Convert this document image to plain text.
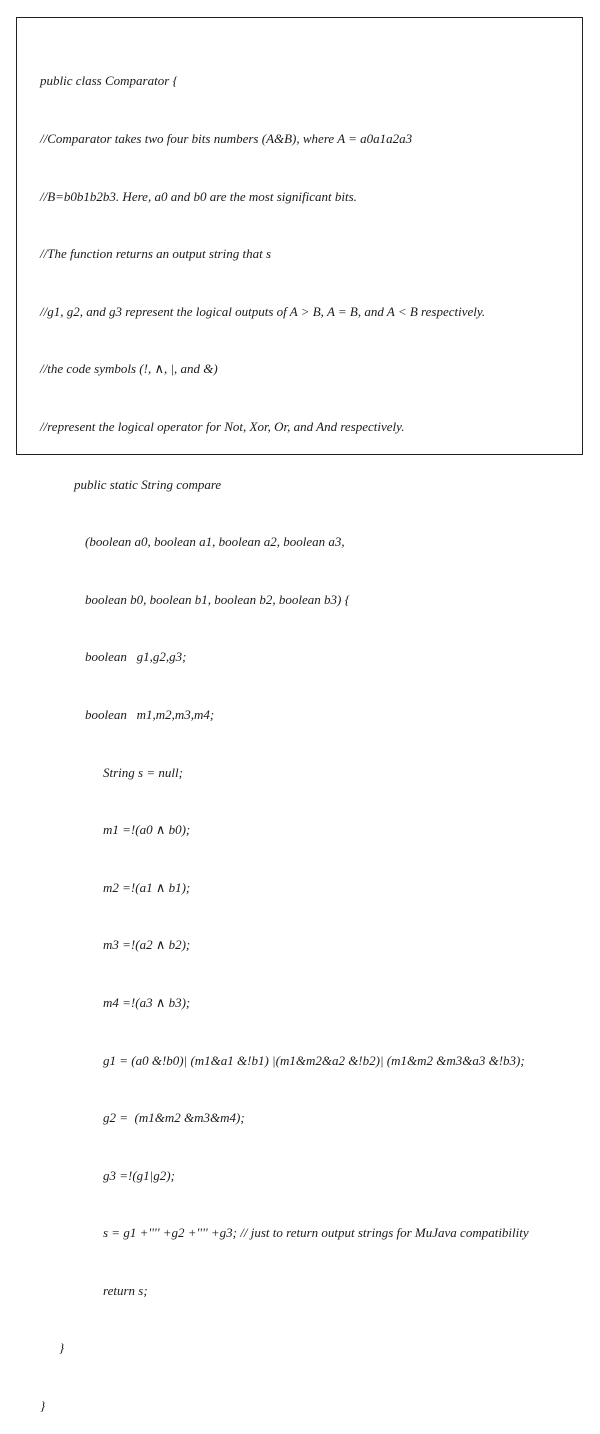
public class Comparator {

//Comparator takes two four bits numbers (A&B), where A = a0a1a2a3

//B=b0b1b2b3. Here, a0 and b0 are the most significant bits.

//The function returns an output string that s

//g1, g2, and g3 represent the logical outputs of A > B, A = B, and A < B respectively.

//the code symbols (!, ∧, |, and &)

//represent the logical operator for Not, Xor, Or, and And respectively.

public static String compare

(boolean a0, boolean a1, boolean a2, boolean a3,

boolean b0, boolean b1, boolean b2, boolean b3) {

boolean   g1,g2,g3;

boolean   m1,m2,m3,m4;

String s = null;

m1 =!(a0 ∧ b0);

m2 =!(a1 ∧ b1);

m3 =!(a2 ∧ b2);

m4 =!(a3 ∧ b3);

g1 = (a0 &!b0)| (m1&a1 &!b1) |(m1&m2&a2 &!b2)| (m1&m2 &m3&a3 &!b3);

g2 =  (m1&m2 &m3&m4);

g3 =!(g1|g2);

s = g1 +'''' +g2 +'''' +g3; // just to return output strings for MuJava compatibility

return s;

}

}
